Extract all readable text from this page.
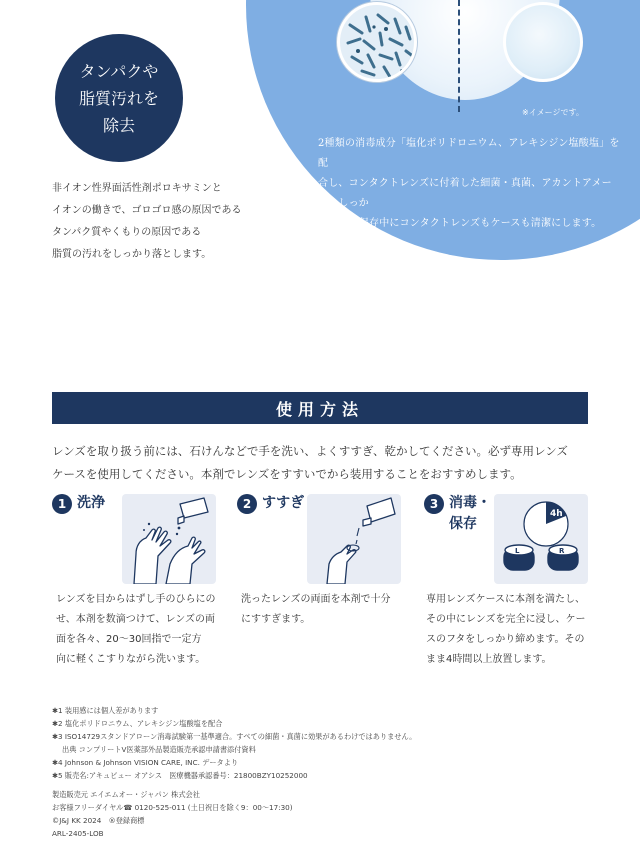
※イメージです。
2種類の消毒成分「塩化ポリドロニウム、アレキシジン塩酸塩」を配
合し、コンタクトレンズに付着した細菌・真菌、アカントアメーバをしっか
り消毒。保存中にコンタクトレンズもケースも清潔にします。
タンパクや
脂質汚れを
除去
非イオン性界面活性剤ポロキサミンと
イオンの働きで、ゴロゴロ感の原因である
タンパク質やくもりの原因である
脂質の汚れをしっかり落とします。
使用方法
レンズを取り扱う前には、石けんなどで手を洗い、よくすすぎ、乾かしてください。必ず専用レンズ
ケースを使用してください。本剤でレンズをすすいでから装用することをおすすめします。
1 洗浄
レンズを目からはずし手のひらにの
せ、本剤を数滴つけて、レンズの両
面を各々、20〜30回指で一定方
向に軽くこすりながら洗います。
2 すすぎ
洗ったレンズの両面を本剤で十分
にすすぎます。
3 消毒・
保存
4h
L	R
専用レンズケースに本剤を満たし、
その中にレンズを完全に浸し、ケー
スのフタをしっかり締めます。その
まま4時間以上放置します。
✱1 装用感には個人差があります
✱2 塩化ポリドロニウム、アレキシジン塩酸塩を配合
✱3 ISO14729スタンドアローン消毒試験第一基準適合。すべての細菌・真菌に効果があるわけではありません。
出典 コンプリートⅤ医薬部外品製造販売承認申請書添付資料
✱4 Johnson & Johnson VISION CARE, INC. データより
✱5 販売名:アキュビュー オアシス　医療機器承認番号：21800BZY10252000
製造販売元 エイエムオー・ジャパン 株式会社
お客様フリーダイヤル☎ 0120-525-011 (土日祝日を除く9：00〜17:30)
©J&J KK 2024　®登録商標
ARL-2405-LOB
